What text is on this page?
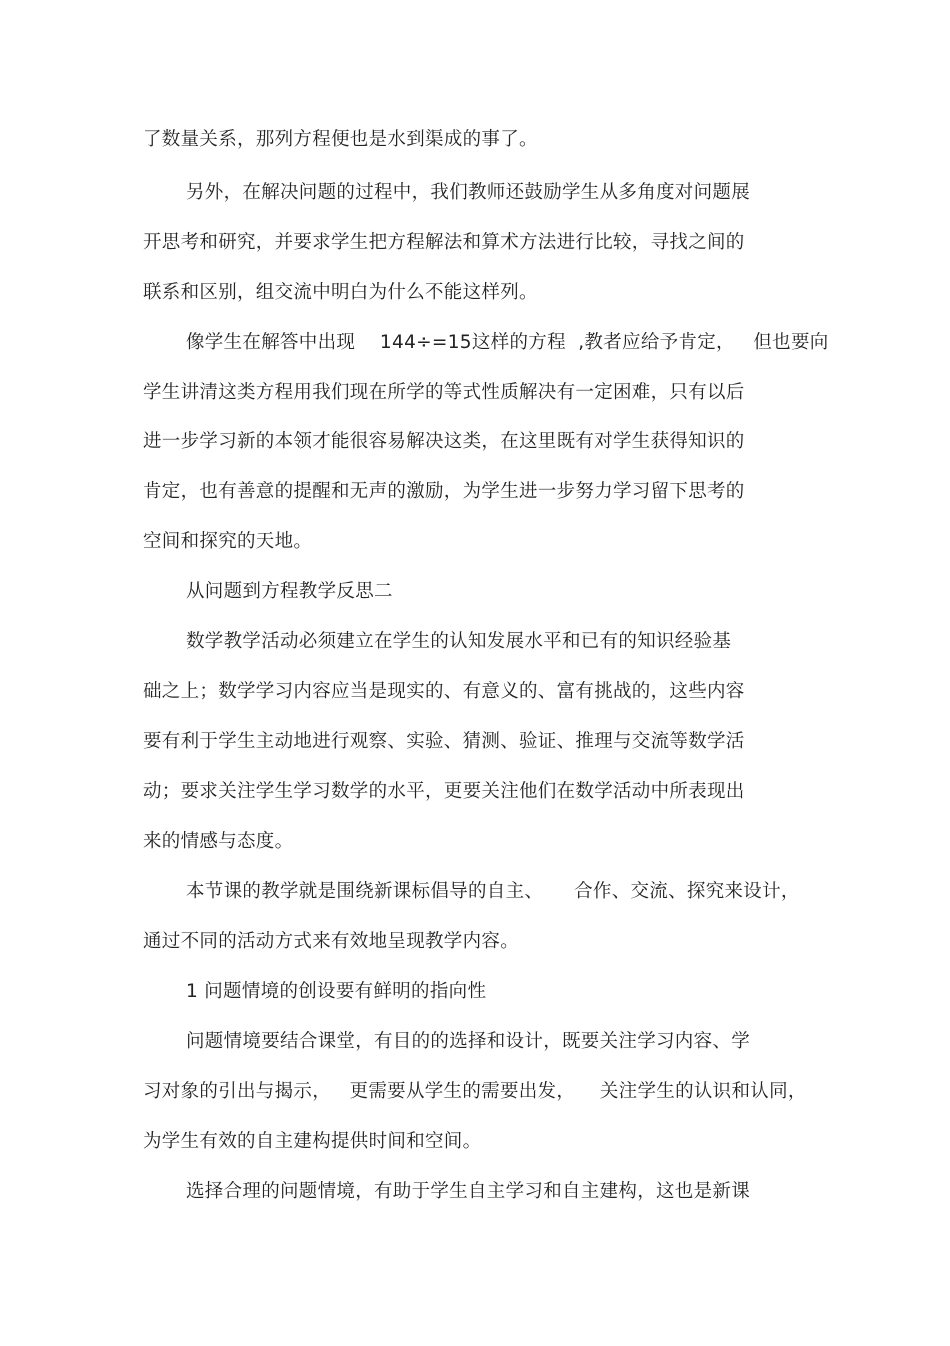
了数量关系，那列方程便也是水到渠成的事了。
另外，在解决问题的过程中，我们教师还鼓励学生从多角度对问题展
开思考和研究，并要求学生把方程解法和算术方法进行比较，寻找之间的
联系和区别，组交流中明白为什么不能这样列。
像学生在解答中出现    144÷=15这样的方程  ,教者应给予肯定，   但也要向
学生讲清这类方程用我们现在所学的等式性质解决有一定困难，只有以后
进一步学习新的本领才能很容易解决这类，在这里既有对学生获得知识的
肯定，也有善意的提醒和无声的激励，为学生进一步努力学习留下思考的
空间和探究的天地。
从问题到方程教学反思二
数学教学活动必须建立在学生的认知发展水平和已有的知识经验基
础之上；数学学习内容应当是现实的、有意义的、富有挑战的，这些内容
要有利于学生主动地进行观察、实验、猜测、验证、推理与交流等数学活
动；要求关注学生学习数学的水平，更要关注他们在数学活动中所表现出
来的情感与态度。
本节课的教学就是围绕新课标倡导的自主、     合作、交流、探究来设计，
通过不同的活动方式来有效地呈现教学内容。
1 问题情境的创设要有鲜明的指向性
问题情境要结合课堂，有目的的选择和设计，既要关注学习内容、学
习对象的引出与揭示，   更需要从学生的需要出发，    关注学生的认识和认同，
为学生有效的自主建构提供时间和空间。
选择合理的问题情境，有助于学生自主学习和自主建构，这也是新课
